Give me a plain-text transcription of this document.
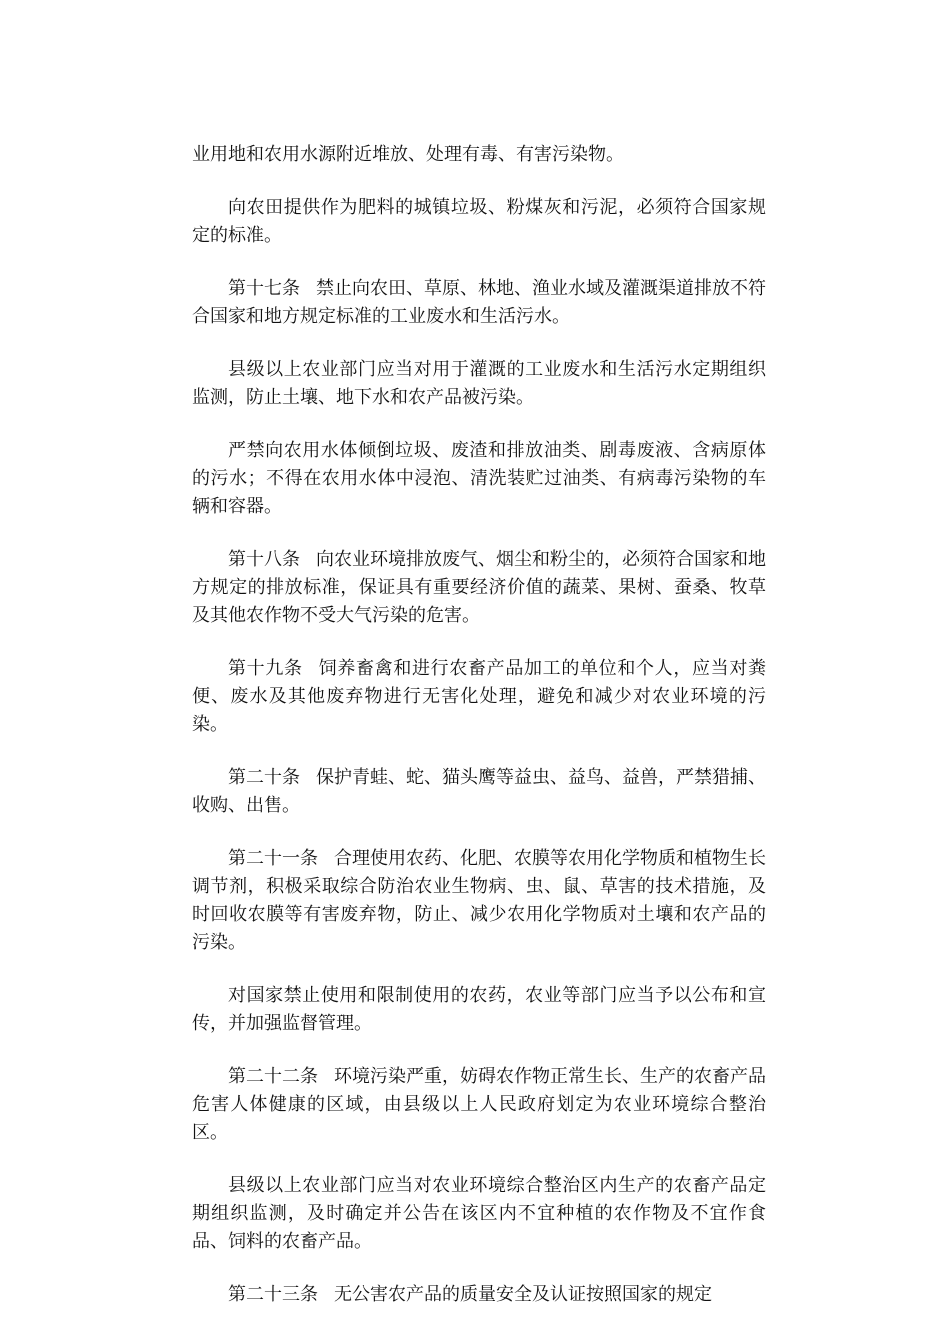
业用地和农用水源附近堆放、处理有毒、有害污染物。

向农田提供作为肥料的城镇垃圾、粉煤灰和污泥，必须符合国家规定的标准。

第十七条 禁止向农田、草原、林地、渔业水域及灌溉渠道排放不符合国家和地方规定标准的工业废水和生活污水。

县级以上农业部门应当对用于灌溉的工业废水和生活污水定期组织监测，防止土壤、地下水和农产品被污染。

严禁向农用水体倾倒垃圾、废渣和排放油类、剧毒废液、含病原体的污水；不得在农用水体中浸泡、清洗装贮过油类、有病毒污染物的车辆和容器。

第十八条 向农业环境排放废气、烟尘和粉尘的，必须符合国家和地方规定的排放标准，保证具有重要经济价值的蔬菜、果树、蚕桑、牧草及其他农作物不受大气污染的危害。

第十九条 饲养畜禽和进行农畜产品加工的单位和个人，应当对粪便、废水及其他废弃物进行无害化处理，避免和减少对农业环境的污染。

第二十条 保护青蛙、蛇、猫头鹰等益虫、益鸟、益兽，严禁猎捕、收购、出售。

第二十一条 合理使用农药、化肥、农膜等农用化学物质和植物生长调节剂，积极采取综合防治农业生物病、虫、鼠、草害的技术措施，及时回收农膜等有害废弃物，防止、减少农用化学物质对土壤和农产品的污染。

对国家禁止使用和限制使用的农药，农业等部门应当予以公布和宣传，并加强监督管理。

第二十二条 环境污染严重，妨碍农作物正常生长、生产的农畜产品危害人体健康的区域，由县级以上人民政府划定为农业环境综合整治区。

县级以上农业部门应当对农业环境综合整治区内生产的农畜产品定期组织监测，及时确定并公告在该区内不宜种植的农作物及不宜作食品、饲料的农畜产品。

第二十三条 无公害农产品的质量安全及认证按照国家的规定
